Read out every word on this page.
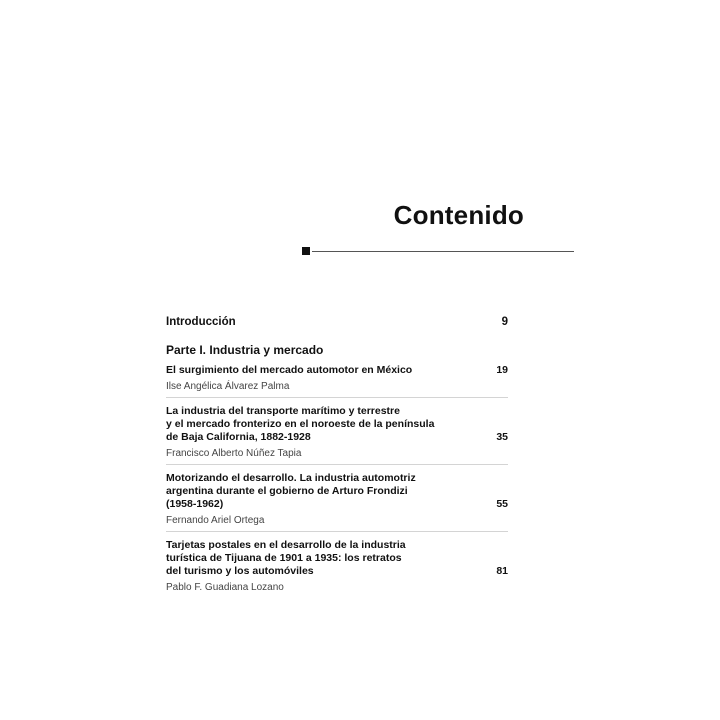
Contenido
Introducción	9
Parte I. Industria y mercado
El surgimiento del mercado automotor en México	19
Ilse Angélica Álvarez Palma
La industria del transporte marítimo y terrestre
y el mercado fronterizo en el noroeste de la península
de Baja California, 1882-1928	35
Francisco Alberto Núñez Tapia
Motorizando el desarrollo. La industria automotriz
argentina durante el gobierno de Arturo Frondizi
(1958-1962)	55
Fernando Ariel Ortega
Tarjetas postales en el desarrollo de la industria
turística de Tijuana de 1901 a 1935: los retratos
del turismo y los automóviles	81
Pablo F. Guadiana Lozano
